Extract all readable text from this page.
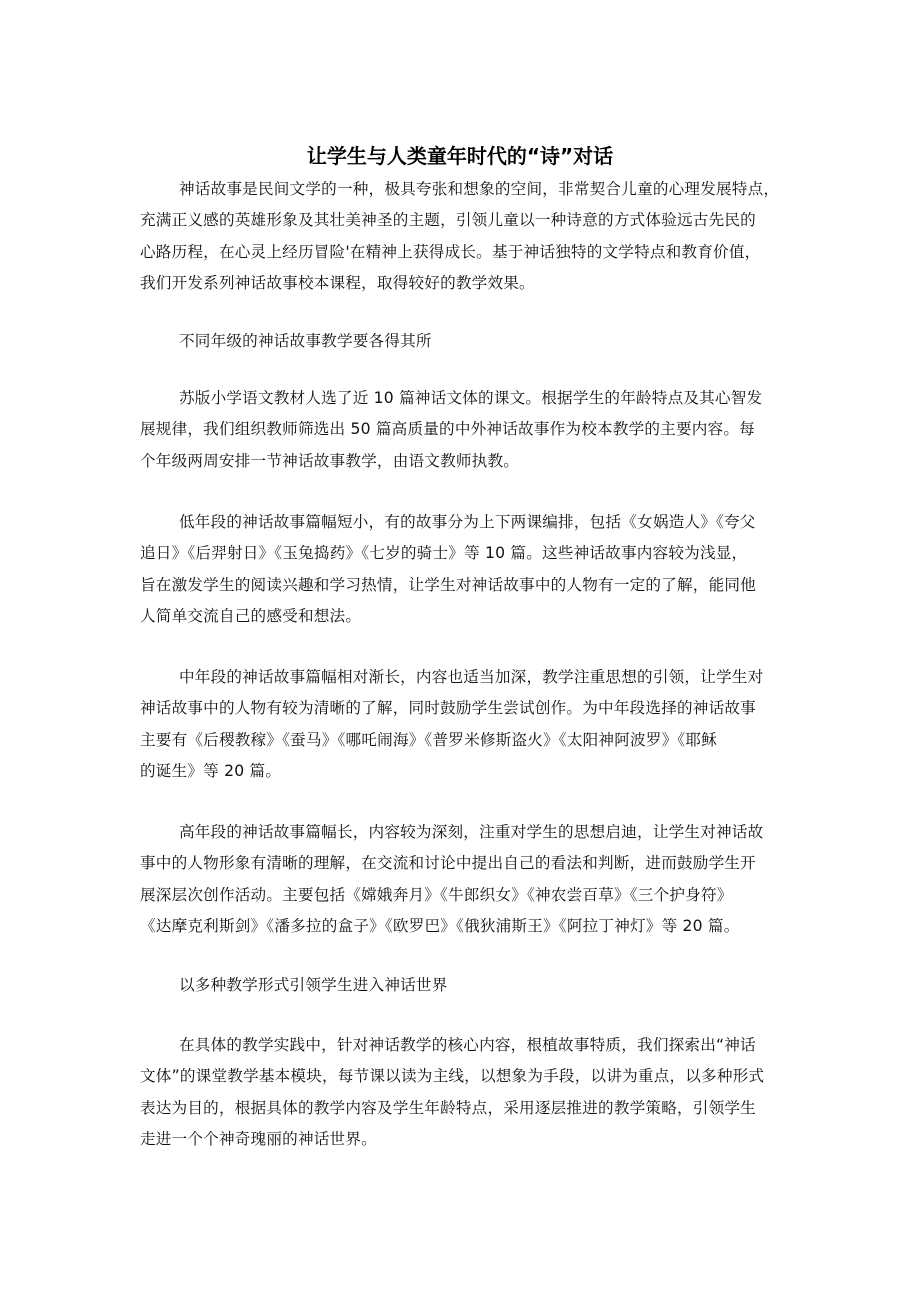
让学生与人类童年时代的“诗”对话
神话故事是民间文学的一种，极具夸张和想象的空间，非常契合儿童的心理发展特点，
充满正义感的英雄形象及其壮美神圣的主题，引领儿童以一种诗意的方式体验远古先民的
心路历程，在心灵上经历冒险'在精神上获得成长。基于神话独特的文学特点和教育价值，
我们开发系列神话故事校本课程，取得较好的教学效果。
不同年级的神话故事教学要各得其所
苏版小学语文教材人选了近 10 篇神话文体的课文。根据学生的年龄特点及其心智发
展规律，我们组织教师筛选出 50 篇高质量的中外神话故事作为校本教学的主要内容。每
个年级两周安排一节神话故事教学，由语文教师执教。
低年段的神话故事篇幅短小，有的故事分为上下两课编排，包括《女娲造人》《夸父
追日》《后羿射日》《玉兔捣药》《七岁的骑士》等 10 篇。这些神话故事内容较为浅显，
旨在激发学生的阅读兴趣和学习热情，让学生对神话故事中的人物有一定的了解，能同他
人简单交流自己的感受和想法。
中年段的神话故事篇幅相对渐长，内容也适当加深，教学注重思想的引领，让学生对
神话故事中的人物有较为清晰的了解，同时鼓励学生尝试创作。为中年段选择的神话故事
主要有《后稷教稼》《蚕马》《哪吒闹海》《普罗米修斯盗火》《太阳神阿波罗》《耶稣
的诞生》等 20 篇。
高年段的神话故事篇幅长，内容较为深刻，注重对学生的思想启迪，让学生对神话故
事中的人物形象有清晰的理解，在交流和讨论中提出自己的看法和判断，进而鼓励学生开
展深层次创作活动。主要包括《嫦娥奔月》《牛郎织女》《神农尝百草》《三个护身符》
《达摩克利斯剑》《潘多拉的盒子》《欧罗巴》《俄狄浦斯王》《阿拉丁神灯》等 20 篇。
以多种教学形式引领学生进入神话世界
在具体的教学实践中，针对神话教学的核心内容，根植故事特质，我们探索出“神话
文体”的课堂教学基本模块，每节课以读为主线，以想象为手段，以讲为重点，以多种形式
表达为目的，根据具体的教学内容及学生年龄特点，采用逐层推进的教学策略，引领学生
走进一个个神奇瑰丽的神话世界。
